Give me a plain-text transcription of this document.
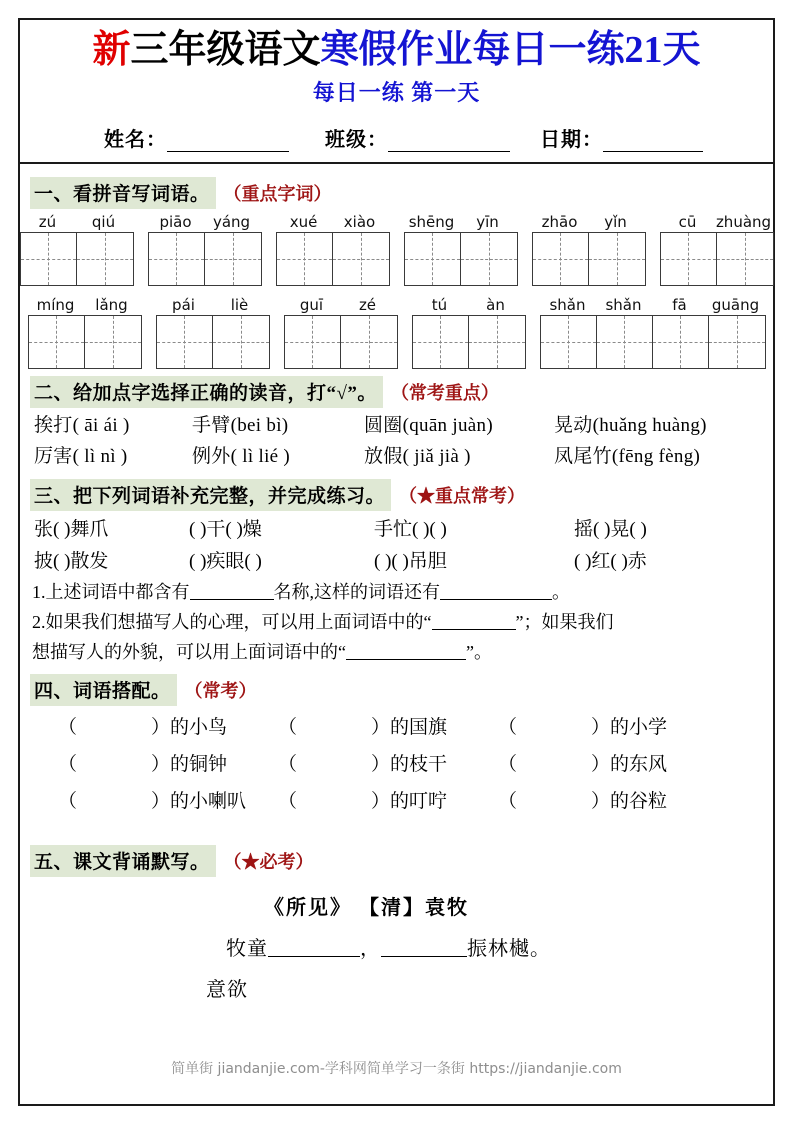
新三年级语文寒假作业每日一练21天
每日一练 第一天
姓名：	班级：	日期：
一、看拼音写词语。 （重点字词）
zú	qiú	piāo	yáng	xué	xiào	shēng	yīn	zhāo	yǐn	cū	zhuàng
míng	lǎng	pái	liè	guī	zé	tú	àn	shǎn	shǎn	fā	guāng
二、给加点字选择正确的读音，打“√”。 （常考重点）
挨打( āi ái )	手臂(bei bì)	圆圈(quān juàn)	晃动(huǎng huàng)
厉害( lì nì )	例外( lì lié )	放假( jiǎ jià )	凤尾竹(fēng fèng)
三、把下列词语补充完整，并完成练习。 （★重点常考）
张( )舞爪	( )干( )燥	手忙( )( )	摇( )晃( )
披( )散发	( )疾眼( )	( )( )吊胆	( )红( )赤
1.上述词语中都含有	名称,这样的词语还有	。
2.如果我们想描写人的心理，可以用上面词语中的“	”；如果我们
想描写人的外貌，可以用上面词语中的“	”。
四、词语搭配。 （常考）
（	）的小鸟	（	）的国旗	（	）的小学
（	）的铜钟	（	）的枝干	（	）的东风
（	）的小喇叭	（	）的叮咛	（	）的谷粒
五、课文背诵默写。 （★必考）
《所见》 【清】袁牧
牧童	，	振林樾。
意欲
简单街 jiandanjie.com-学科网简单学习一条街 https://jiandanjie.com
